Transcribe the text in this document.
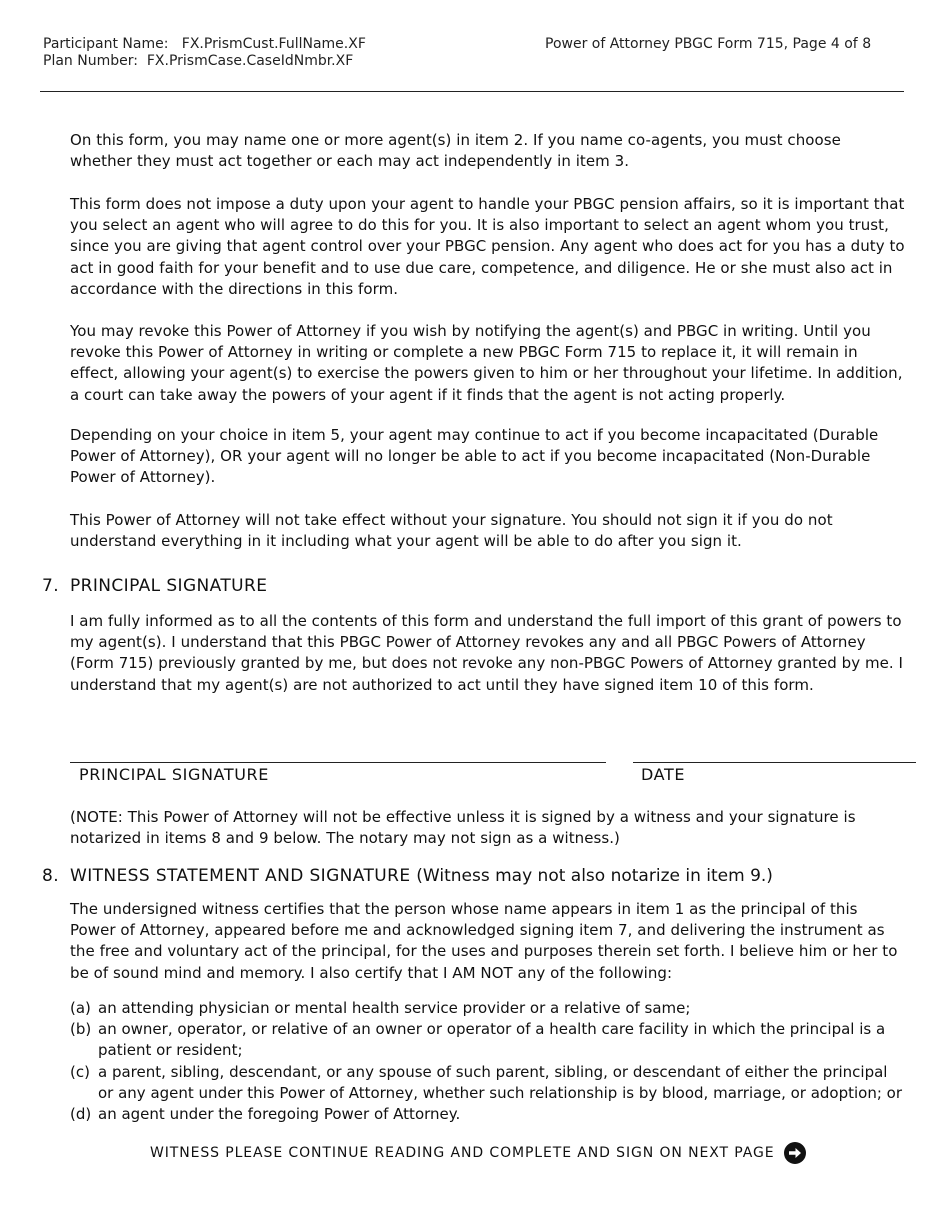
Participant Name: FX.PrismCust.FullName.XF
Plan Number: FX.PrismCase.CaseIdNmbr.XF
Power of Attorney PBGC Form 715, Page 4 of 8

On this form, you may name one or more agent(s) in item 2. If you name co-agents, you must choose whether they must act together or each may act independently in item 3.

This form does not impose a duty upon your agent to handle your PBGC pension affairs, so it is important that you select an agent who will agree to do this for you. It is also important to select an agent whom you trust, since you are giving that agent control over your PBGC pension. Any agent who does act for you has a duty to act in good faith for your benefit and to use due care, competence, and diligence. He or she must also act in accordance with the directions in this form.

You may revoke this Power of Attorney if you wish by notifying the agent(s) and PBGC in writing. Until you revoke this Power of Attorney in writing or complete a new PBGC Form 715 to replace it, it will remain in effect, allowing your agent(s) to exercise the powers given to him or her throughout your lifetime. In addition, a court can take away the powers of your agent if it finds that the agent is not acting properly.

Depending on your choice in item 5, your agent may continue to act if you become incapacitated (Durable Power of Attorney), OR your agent will no longer be able to act if you become incapacitated (Non-Durable Power of Attorney).

This Power of Attorney will not take effect without your signature. You should not sign it if you do not understand everything in it including what your agent will be able to do after you sign it.

7. PRINCIPAL SIGNATURE

I am fully informed as to all the contents of this form and understand the full import of this grant of powers to my agent(s). I understand that this PBGC Power of Attorney revokes any and all PBGC Powers of Attorney (Form 715) previously granted by me, but does not revoke any non-PBGC Powers of Attorney granted by me. I understand that my agent(s) are not authorized to act until they have signed item 10 of this form.

PRINCIPAL SIGNATURE	DATE

(NOTE: This Power of Attorney will not be effective unless it is signed by a witness and your signature is notarized in items 8 and 9 below. The notary may not sign as a witness.)

8. WITNESS STATEMENT AND SIGNATURE (Witness may not also notarize in item 9.)

The undersigned witness certifies that the person whose name appears in item 1 as the principal of this Power of Attorney, appeared before me and acknowledged signing item 7, and delivering the instrument as the free and voluntary act of the principal, for the uses and purposes therein set forth. I believe him or her to be of sound mind and memory. I also certify that I AM NOT any of the following:

(a) an attending physician or mental health service provider or a relative of same;
(b) an owner, operator, or relative of an owner or operator of a health care facility in which the principal is a patient or resident;
(c) a parent, sibling, descendant, or any spouse of such parent, sibling, or descendant of either the principal or any agent under this Power of Attorney, whether such relationship is by blood, marriage, or adoption; or
(d) an agent under the foregoing Power of Attorney.
WITNESS PLEASE CONTINUE READING AND COMPLETE AND SIGN ON NEXT PAGE
